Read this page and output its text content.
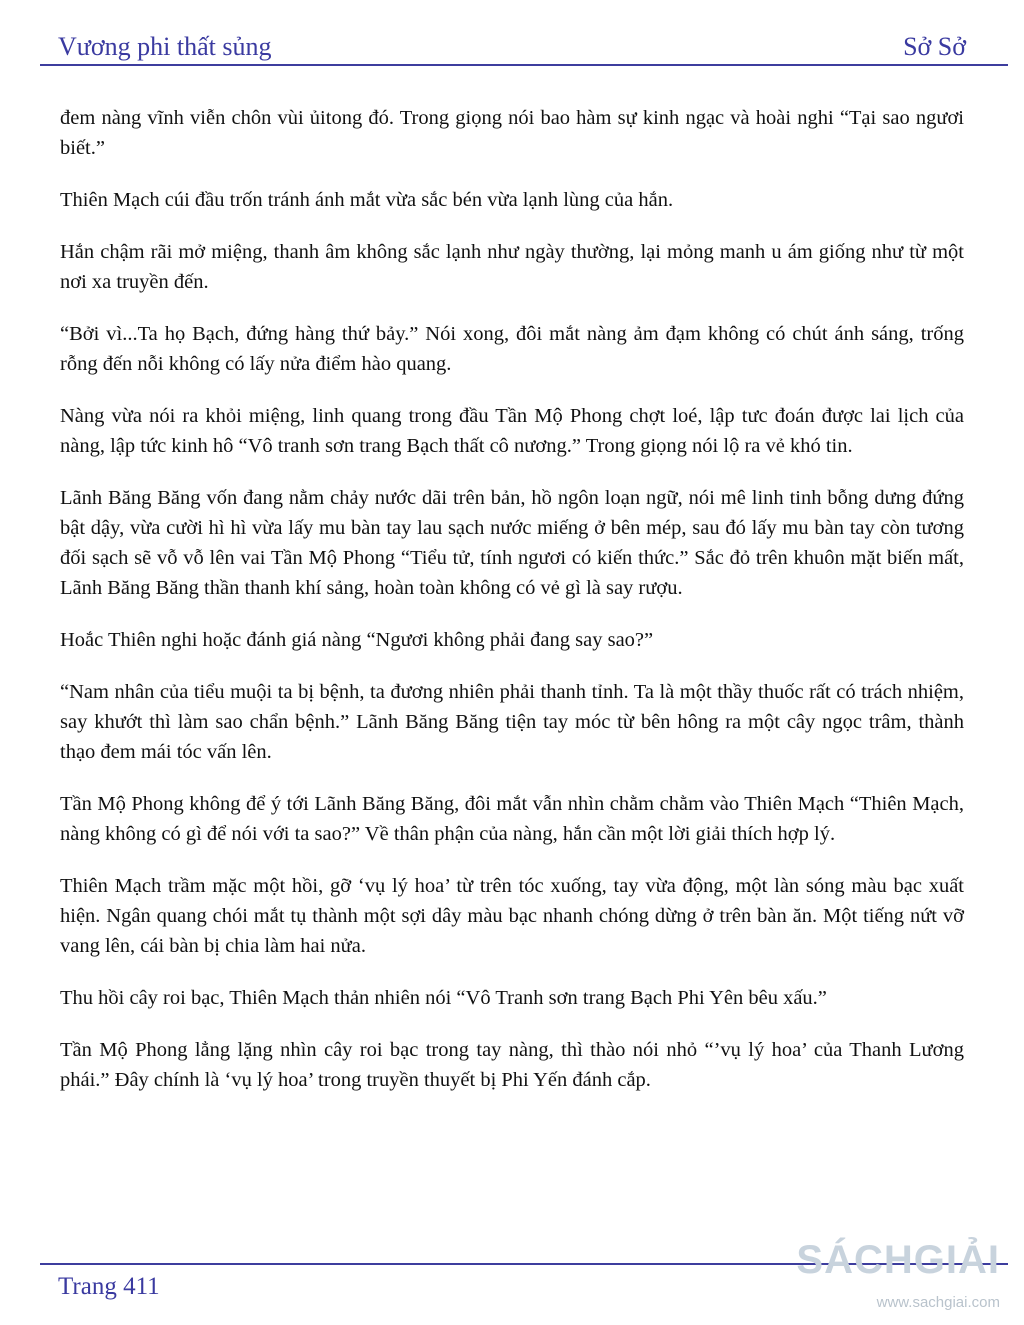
Vương phi thất sủng	Sở Sở

đem nàng vĩnh viễn chôn vùi ủitong đó. Trong giọng nói bao hàm sự kinh ngạc và hoài nghi “Tại sao ngươi biết.”

Thiên Mạch cúi đầu trốn tránh ánh mắt vừa sắc bén vừa lạnh lùng của hắn.

Hắn chậm rãi mở miệng, thanh âm không sắc lạnh như ngày thường, lại mỏng manh u ám giống như từ một nơi xa truyền đến.

“Bởi vì...Ta họ Bạch, đứng hàng thứ bảy.” Nói xong, đôi mắt nàng ảm đạm không có chút ánh sáng, trống rỗng đến nỗi không có lấy nửa điểm hào quang.

Nàng vừa nói ra khỏi miệng, linh quang trong đầu Tần Mộ Phong chợt loé, lập tưc đoán được lai lịch của nàng, lập tức kinh hô “Vô tranh sơn trang Bạch thất cô nương.” Trong giọng nói lộ ra vẻ khó tin.

Lãnh Băng Băng vốn đang nằm chảy nước dãi trên bản, hồ ngôn loạn ngữ, nói mê linh tinh bỗng dưng đứng bật dậy, vừa cười hì hì vừa lấy mu bàn tay lau sạch nước miếng ở bên mép, sau đó lấy mu bàn tay còn tương đối sạch sẽ vỗ vỗ lên vai Tần Mộ Phong “Tiểu tử, tính ngươi có kiến thức.” Sắc đỏ trên khuôn mặt biến mất, Lãnh Băng Băng thần thanh khí sảng, hoàn toàn không có vẻ gì là say rượu.

Hoắc Thiên nghi hoặc đánh giá nàng “Ngươi không phải đang say sao?”

“Nam nhân của tiểu muội ta bị bệnh, ta đương nhiên phải thanh tỉnh. Ta là một thầy thuốc rất có trách nhiệm, say khướt thì làm sao chẩn bệnh.” Lãnh Băng Băng tiện tay móc từ bên hông ra một cây ngọc trâm, thành thạo đem mái tóc vấn lên.

Tần Mộ Phong không để ý tới Lãnh Băng Băng, đôi mắt vẫn nhìn chằm chằm vào Thiên Mạch “Thiên Mạch, nàng không có gì để nói với ta sao?” Về thân phận của nàng, hắn cần một lời giải thích hợp lý.

Thiên Mạch trầm mặc một hồi, gỡ ‘vụ lý hoa’ từ trên tóc xuống, tay vừa động, một làn sóng màu bạc xuất hiện. Ngân quang chói mắt tụ thành một sợi dây màu bạc nhanh chóng dừng ở trên bàn ăn. Một tiếng nứt vỡ vang lên, cái bàn bị chia làm hai nửa.

Thu hồi cây roi bạc, Thiên Mạch thản nhiên nói “Vô Tranh sơn trang Bạch Phi Yên bêu xấu.”

Tần Mộ Phong lẳng lặng nhìn cây roi bạc trong tay nàng, thì thào nói nhỏ “’vụ lý hoa’ của Thanh Lương phái.” Đây chính là ‘vụ lý hoa’ trong truyền thuyết bị Phi Yến đánh cắp.

Trang 411
SÁCHGIẢI
www.sachgiai.com
